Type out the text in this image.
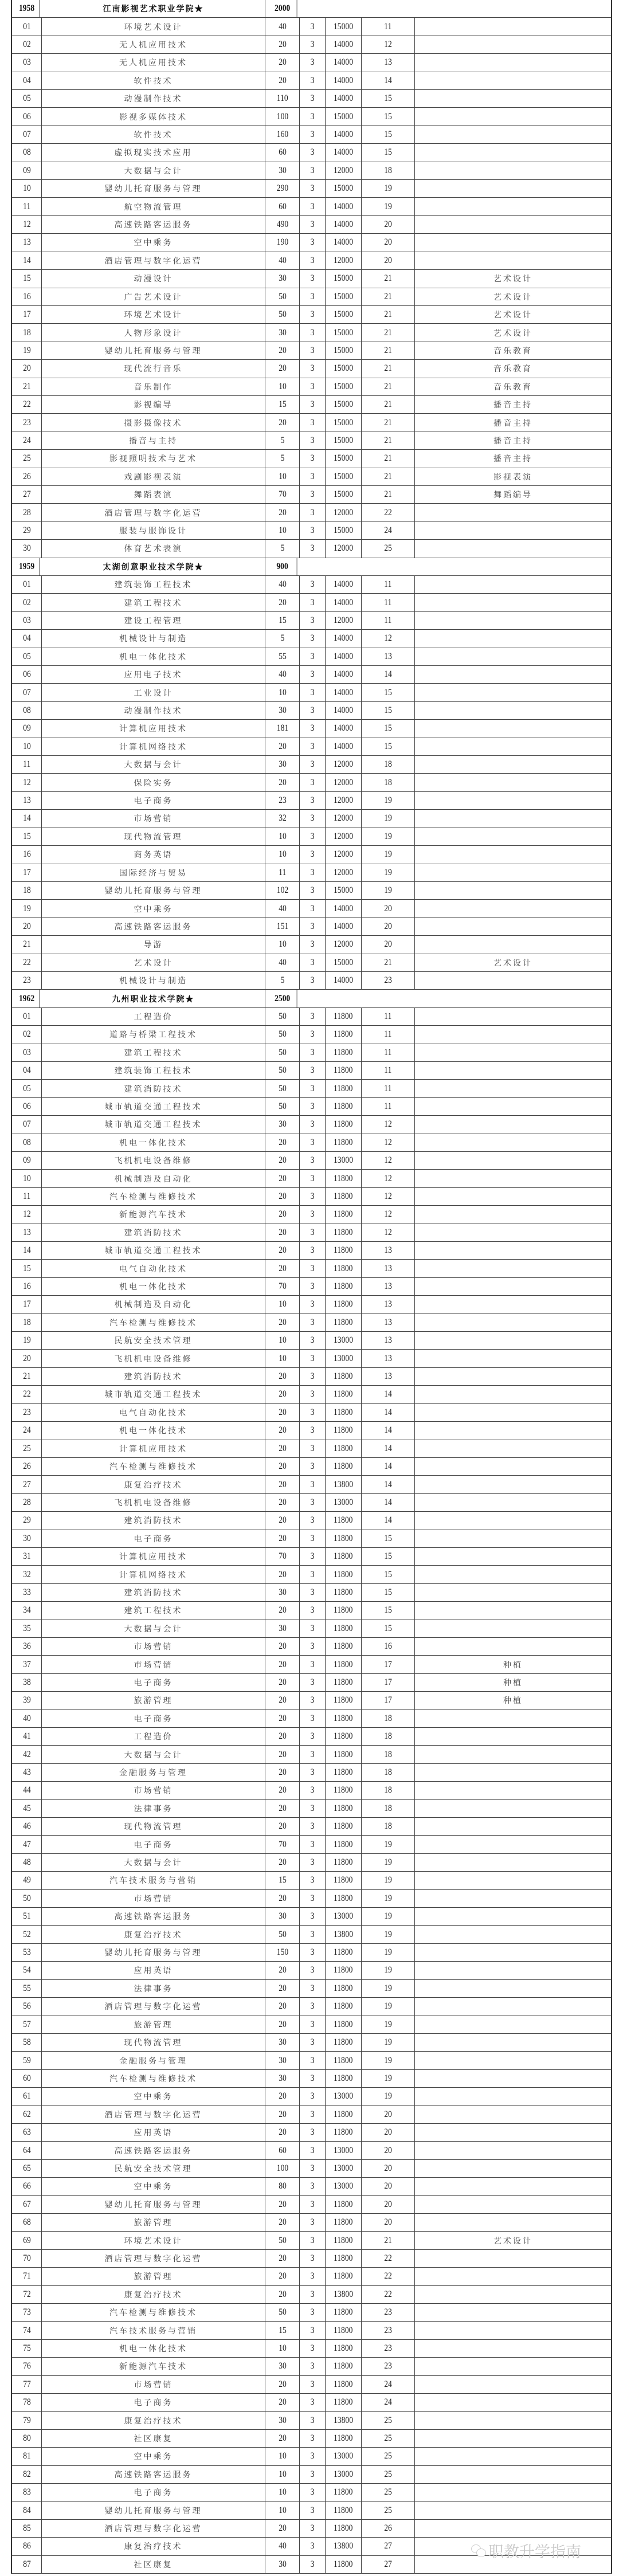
1958	江南影视艺术职业学院★	2000
01	环境艺术设计	40	3 15000	11
02	无人机应用技术	20	3 14000	12
03	无人机应用技术	20	3 14000	13
04	软件技术	20	3 14000	14
05	动漫制作技术	110 3 14000	15
06	影视多媒体技术	100 3 15000	15
07	软件技术	160 3 14000	15
08	虚拟现实技术应用	60	3 14000	15
09	大数据与会计	30	3 12000	18
10	婴幼儿托育服务与管理	290 3 15000	19
11	航空物流管理	60	3 14000	19
12	高速铁路客运服务	490 3 14000	20
13	空中乘务	190 3 14000	20
14	酒店管理与数字化运营	40	3 12000	20
15	动漫设计	30	3 15000	21	艺术设计
16	广告艺术设计	50	3 15000	21	艺术设计
17	环境艺术设计	50	3 15000	21	艺术设计
18	人物形象设计	30	3 15000	21	艺术设计
19	婴幼儿托育服务与管理	20	3 15000	21	音乐教育
20	现代流行音乐	20	3 15000	21	音乐教育
21	音乐制作	10	3 15000	21	音乐教育
22	影视编导	15	3 15000	21	播音主持
23	摄影摄像技术	20	3 15000	21	播音主持
24	播音与主持	5	3 15000	21	播音主持
25	影视照明技术与艺术	5	3 15000	21	播音主持
26	戏剧影视表演	10	3 15000	21	影视表演
27	舞蹈表演	70	3 15000	21	舞蹈编导
28	酒店管理与数字化运营	20	3 12000	22
29	服装与服饰设计	10	3 15000	24
30	体育艺术表演	5	3 12000	25
1959	太湖创意职业技术学院★	900
01	建筑装饰工程技术	40	3 14000	11
02	建筑工程技术	20	3 14000	11
03	建设工程管理	15	3 12000	11
04	机械设计与制造	5	3 14000	12
05	机电一体化技术	55	3 14000	13
06	应用电子技术	40	3 14000	14
07	工业设计	10	3 14000	15
08	动漫制作技术	30	3 14000	15
09	计算机应用技术	181 3 14000	15
10	计算机网络技术	20	3 14000	15
11	大数据与会计	30	3 12000	18
12	保险实务	20	3 12000	18
13	电子商务	23	3 12000	19
14	市场营销	32	3 12000	19
15	现代物流管理	10	3 12000	19
16	商务英语	10	3 12000	19
17	国际经济与贸易	11	3 12000	19
18	婴幼儿托育服务与管理	102 3 15000	19
19	空中乘务	40	3 14000	20
20	高速铁路客运服务	151 3 14000	20
21	导游	10	3 12000	20
22	艺术设计	40	3 15000	21	艺术设计
23	机械设计与制造	5	3 14000	23
1962	九州职业技术学院★	2500
01	工程造价	50	3 11800	11
02	道路与桥梁工程技术	50	3 11800	11
03	建筑工程技术	50	3 11800	11
04	建筑装饰工程技术	50	3 11800	11
05	建筑消防技术	50	3 11800	11
06	城市轨道交通工程技术	50	3 11800	11
07	城市轨道交通工程技术	30	3 11800	12
08	机电一体化技术	20	3 11800	12
09	飞机机电设备维修	20	3 13000	12
10	机械制造及自动化	20	3 11800	12
11	汽车检测与维修技术	20	3 11800	12
12	新能源汽车技术	20	3 11800	12
13	建筑消防技术	20	3 11800	12
14	城市轨道交通工程技术	20	3 11800	13
15	电气自动化技术	20	3 11800	13
16	机电一体化技术	70	3 11800	13
17	机械制造及自动化	10	3 11800	13
18	汽车检测与维修技术	20	3 11800	13
19	民航安全技术管理	10	3 13000	13
20	飞机机电设备维修	10	3 13000	13
21	建筑消防技术	20	3 11800	13
22	城市轨道交通工程技术	20	3 11800	14
23	电气自动化技术	20	3 11800	14
24	机电一体化技术	20	3 11800	14
25	计算机应用技术	20	3 11800	14
26	汽车检测与维修技术	20	3 11800	14
27	康复治疗技术	20	3 13800	14
28	飞机机电设备维修	20	3 13000	14
29	建筑消防技术	20	3 11800	14
30	电子商务	20	3 11800	15
31	计算机应用技术	70	3 11800	15
32	计算机网络技术	20	3 11800	15
33	建筑消防技术	30	3 11800	15
34	建筑工程技术	20	3 11800	15
35	大数据与会计	30	3 11800	15
36	市场营销	20	3 11800	16
37	市场营销	20	3 11800	17	种植
38	电子商务	20	3 11800	17	种植
39	旅游管理	20	3 11800	17	种植
40	电子商务	20	3 11800	18
41	工程造价	20	3 11800	18
42	大数据与会计	20	3 11800	18
43	金融服务与管理	20	3 11800	18
44	市场营销	20	3 11800	18
45	法律事务	20	3 11800	18
46	现代物流管理	20	3 11800	18
47	电子商务	70	3 11800	19
48	大数据与会计	20	3 11800	19
49	汽车技术服务与营销	15	3 11800	19
50	市场营销	20	3 11800	19
51	高速铁路客运服务	30	3 13000	19
52	康复治疗技术	50	3 13800	19
53	婴幼儿托育服务与管理	150 3 11800	19
54	应用英语	20	3 11800	19
55	法律事务	20	3 11800	19
56	酒店管理与数字化运营	20	3 11800	19
57	旅游管理	20	3 11800	19
58	现代物流管理	30	3 11800	19
59	金融服务与管理	30	3 11800	19
60	汽车检测与维修技术	30	3 11800	19
61	空中乘务	20	3 13000	19
62	酒店管理与数字化运营	20	3 11800	20
63	应用英语	20	3 11800	20
64	高速铁路客运服务	60	3 13000	20
65	民航安全技术管理	100 3 13000	20
66	空中乘务	80	3 13000	20
67	婴幼儿托育服务与管理	20	3 11800	20
68	旅游管理	20	3 11800	20
69	环境艺术设计	50	3 11800	21	艺术设计
70	酒店管理与数字化运营	20	3 11800	22
71	旅游管理	20	3 11800	22
72	康复治疗技术	20	3 13800	22
73	汽车检测与维修技术	50	3 11800	23
74	汽车技术服务与营销	15	3 11800	23
75	机电一体化技术	10	3 11800	23
76	新能源汽车技术	30	3 11800	23
77	市场营销	20	3 11800	24
78	电子商务	20	3 11800	24
79	康复治疗技术	30	3 13800	25
80	社区康复	20	3 11800	25
81	空中乘务	10	3 13000	25
82	高速铁路客运服务	10	3 13000	25
83	电子商务	10	3 11800	25
84	婴幼儿托育服务与管理	10	3 11800	25
85	酒店管理与数字化运营	20	3 11800	26
86	康复治疗技术	40	3 13800	27
87	社区康复	30	3 11800	27
职教升学指南
